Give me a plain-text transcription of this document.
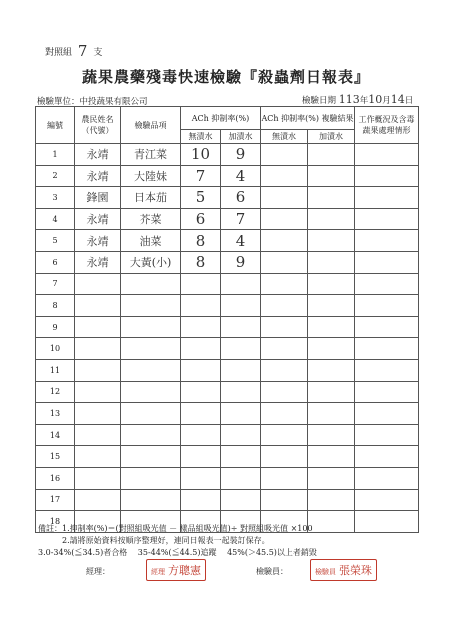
對照組 7 支
蔬果農藥殘毒快速檢驗『殺蟲劑日報表』
檢驗單位：中投蔬果有限公司	檢驗日期 113年10月14日
編號	農民姓名（代號）	檢驗品項	ACh 抑制率(%)		ACh 抑制率(%) 複驗結果		工作概況及含毒蔬果處理情形
			無漬水	加漬水	無漬水	加漬水	
1	永靖	青江菜	10	9			
2	永靖	大陸妹	7	4			
3	鋒園	日本茄	5	6			
4	永靖	芥菜	6	7			
5	永靖	油菜	8	4			
6	永靖	大黃(小)	8	9			
7							
8							
9							
10							
11							
12							
13							
14							
15							
16							
17							
18							
備註：1.抑制率(%)＝(對照組吸光值 － 樣品組吸光值)÷ 對照組吸光值 ×100
2.請將原始資料按順序整理好，連同日報表一起裝訂保存。
3.0-34%(≦34.5)者合格　 35-44%(≦44.5)追蹤　 45%(＞45.5)以上者銷毀
經理：	經理 方聰憲	檢驗員：	檢驗員 張榮珠
